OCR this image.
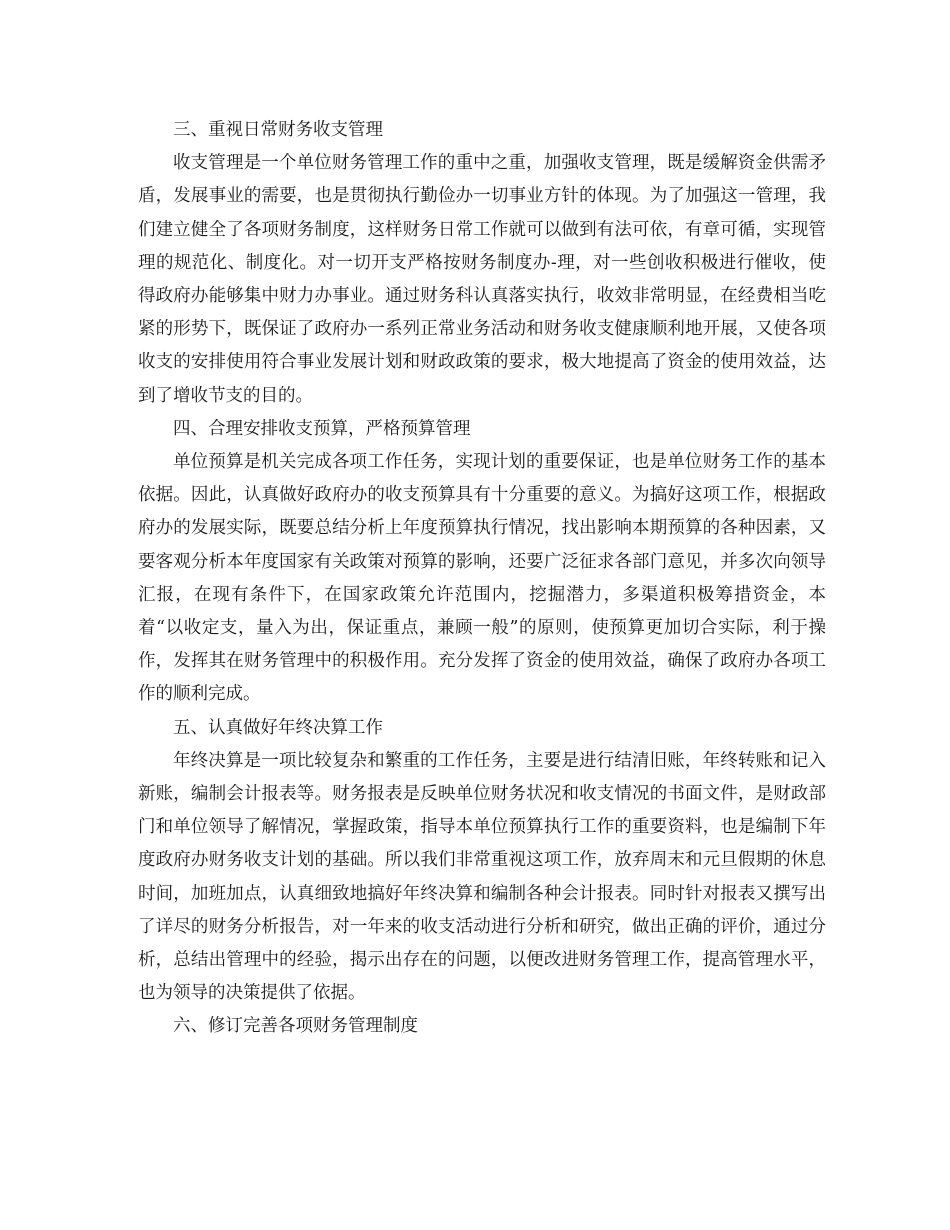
三、重视日常财务收支管理

收支管理是一个单位财务管理工作的重中之重，加强收支管理，既是缓解资金供需矛盾，发展事业的需要，也是贯彻执行勤俭办一切事业方针的体现。为了加强这一管理，我们建立健全了各项财务制度，这样财务日常工作就可以做到有法可依，有章可循，实现管理的规范化、制度化。对一切开支严格按财务制度办-理，对一些创收积极进行催收，使得政府办能够集中财力办事业。通过财务科认真落实执行，收效非常明显，在经费相当吃紧的形势下，既保证了政府办一系列正常业务活动和财务收支健康顺利地开展，又使各项收支的安排使用符合事业发展计划和财政政策的要求，极大地提高了资金的使用效益，达到了增收节支的目的。

四、合理安排收支预算，严格预算管理

单位预算是机关完成各项工作任务，实现计划的重要保证，也是单位财务工作的基本依据。因此，认真做好政府办的收支预算具有十分重要的意义。为搞好这项工作，根据政府办的发展实际，既要总结分析上年度预算执行情况，找出影响本期预算的各种因素，又要客观分析本年度国家有关政策对预算的影响，还要广泛征求各部门意见，并多次向领导汇报，在现有条件下，在国家政策允许范围内，挖掘潜力，多渠道积极筹措资金，本着“以收定支，量入为出，保证重点，兼顾一般”的原则，使预算更加切合实际，利于操作，发挥其在财务管理中的积极作用。充分发挥了资金的使用效益，确保了政府办各项工作的顺利完成。

五、认真做好年终决算工作

年终决算是一项比较复杂和繁重的工作任务，主要是进行结清旧账，年终转账和记入新账，编制会计报表等。财务报表是反映单位财务状况和收支情况的书面文件，是财政部门和单位领导了解情况，掌握政策，指导本单位预算执行工作的重要资料，也是编制下年度政府办财务收支计划的基础。所以我们非常重视这项工作，放弃周末和元旦假期的休息时间，加班加点，认真细致地搞好年终决算和编制各种会计报表。同时针对报表又撰写出了详尽的财务分析报告，对一年来的收支活动进行分析和研究，做出正确的评价，通过分析，总结出管理中的经验，揭示出存在的问题，以便改进财务管理工作，提高管理水平，也为领导的决策提供了依据。

六、修订完善各项财务管理制度
